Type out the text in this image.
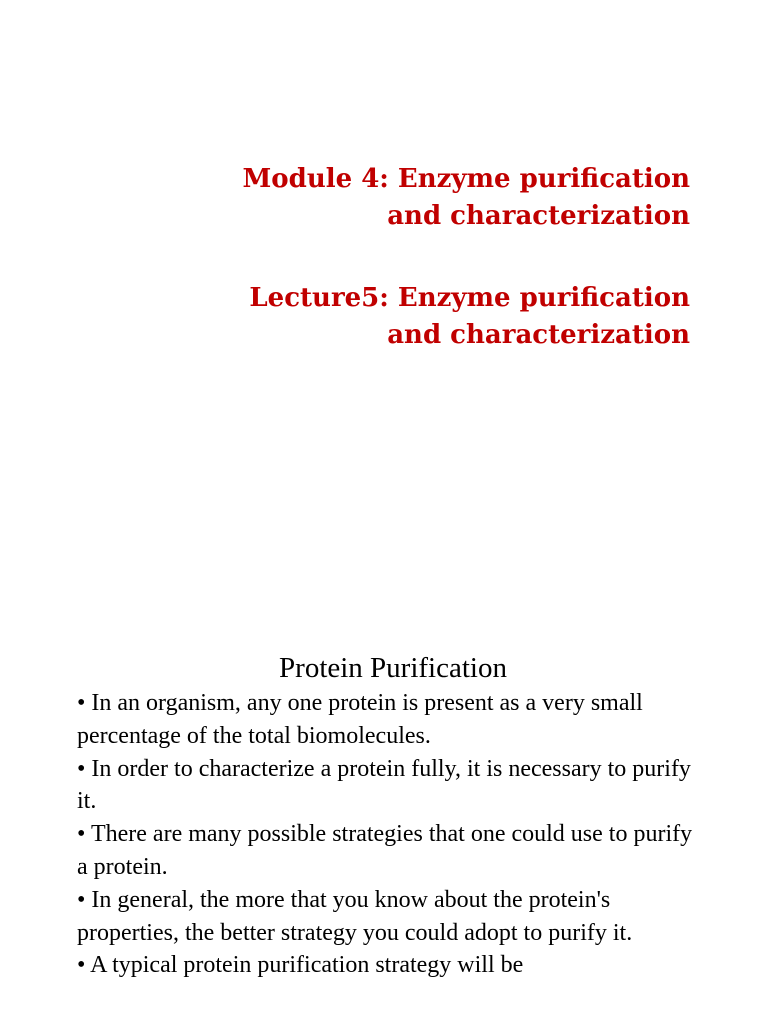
Module 4: Enzyme purification
and characterization
Lecture5: Enzyme purification
and characterization
Protein Purification

• In an organism, any one protein is present as a very small percentage of the total biomolecules.

• In order to characterize a protein fully, it is necessary to purify it.

• There are many possible strategies that one could use to purify a protein.

• In general, the more that you know about the protein's properties, the better strategy you could adopt to purify it.

• A typical protein purification strategy will be
